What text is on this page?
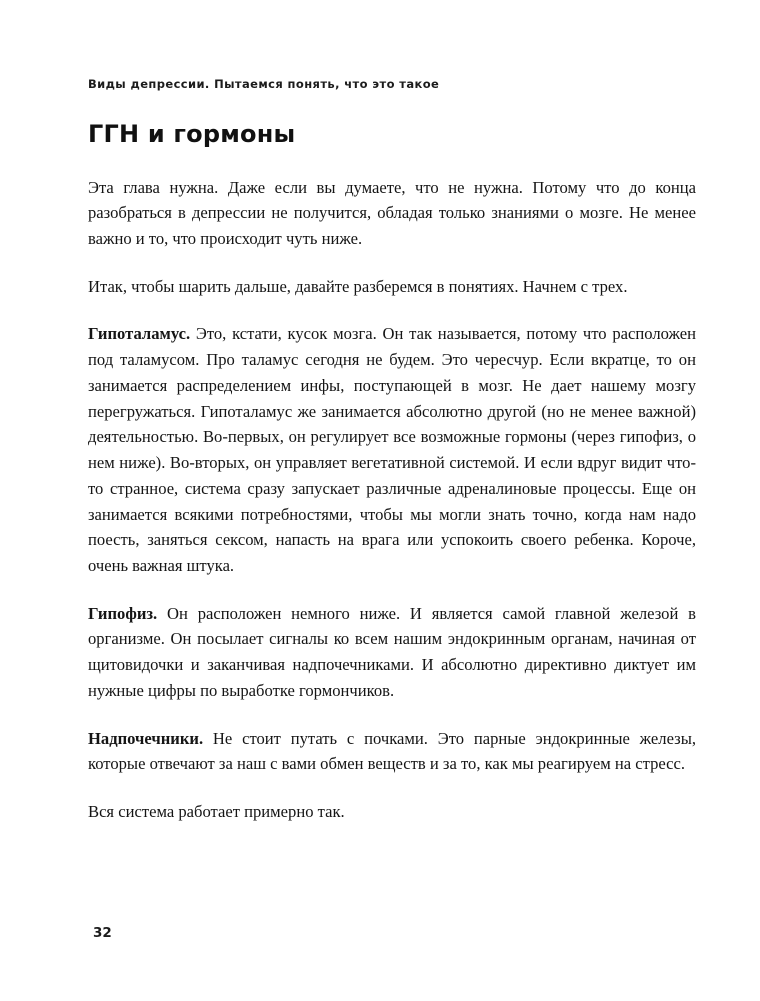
Виды депрессии. Пытаемся понять, что это такое
ГГН и гормоны

Эта глава нужна. Даже если вы думаете, что не нужна. Потому что до конца разобраться в депрессии не получится, обладая только знаниями о мозге. Не менее важно и то, что происходит чуть ниже.

Итак, чтобы шарить дальше, давайте разберемся в понятиях. Начнем с трех.

Гипоталамус. Это, кстати, кусок мозга. Он так называется, потому что расположен под таламусом. Про таламус сегодня не будем. Это чересчур. Если вкратце, то он занимается распределением инфы, поступающей в мозг. Не дает нашему мозгу перегружаться. Гипоталамус же занимается абсолютно другой (но не менее важной) деятельностью. Во-первых, он регулирует все возможные гормоны (через гипофиз, о нем ниже). Во-вторых, он управляет вегетативной системой. И если вдруг видит что-то странное, система сразу запускает различные адреналиновые процессы. Еще он занимается всякими потребностями, чтобы мы могли знать точно, когда нам надо поесть, заняться сексом, напасть на врага или успокоить своего ребенка. Короче, очень важная штука.

Гипофиз. Он расположен немного ниже. И является самой главной железой в организме. Он посылает сигналы ко всем нашим эндокринным органам, начиная от щитовидочки и заканчивая надпочечниками. И абсолютно директивно диктует им нужные цифры по выработке гормончиков.

Надпочечники. Не стоит путать с почками. Это парные эндокринные железы, которые отвечают за наш с вами обмен веществ и за то, как мы реагируем на стресс.

Вся система работает примерно так.

32
